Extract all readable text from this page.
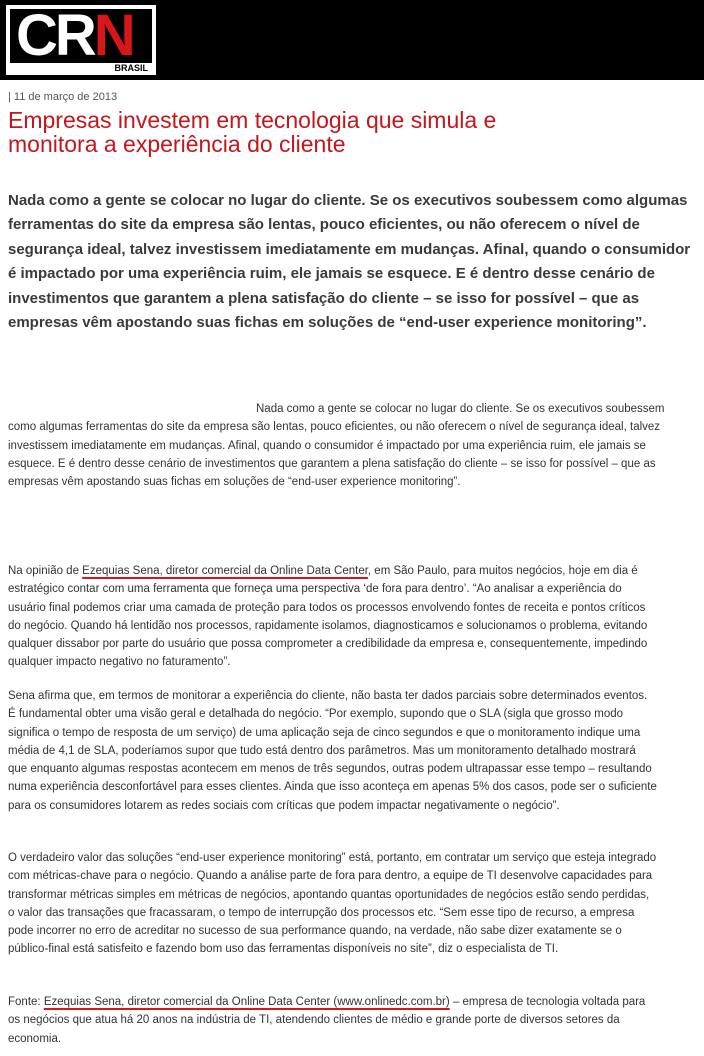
CRN
BRASIL
| 11 de março de 2013
Empresas investem em tecnologia que simula e monitora a experiência do cliente

Nada como a gente se colocar no lugar do cliente. Se os executivos soubessem como algumas ferramentas do site da empresa são lentas, pouco eficientes, ou não oferecem o nível de segurança ideal, talvez investissem imediatamente em mudanças. Afinal, quando o consumidor é impactado por uma experiência ruim, ele jamais se esquece. E é dentro desse cenário de investimentos que garantem a plena satisfação do cliente – se isso for possível – que as empresas vêm apostando suas fichas em soluções de “end-user experience monitoring”.

Nada como a gente se colocar no lugar do cliente. Se os executivos soubessem como algumas ferramentas do site da empresa são lentas, pouco eficientes, ou não oferecem o nível de segurança ideal, talvez investissem imediatamente em mudanças. Afinal, quando o consumidor é impactado por uma experiência ruim, ele jamais se esquece. E é dentro desse cenário de investimentos que garantem a plena satisfação do cliente – se isso for possível – que as empresas vêm apostando suas fichas em soluções de “end-user experience monitoring”.

Na opinião de Ezequias Sena, diretor comercial da Online Data Center, em São Paulo, para muitos negócios, hoje em dia é estratégico contar com uma ferramenta que forneça uma perspectiva ‘de fora para dentro’. “Ao analisar a experiência do usuário final podemos criar uma camada de proteção para todos os processos envolvendo fontes de receita e pontos críticos do negócio. Quando há lentidão nos processos, rapidamente isolamos, diagnosticamos e solucionamos o problema, evitando qualquer dissabor por parte do usuário que possa comprometer a credibilidade da empresa e, consequentemente, impedindo qualquer impacto negativo no faturamento”.

Sena afirma que, em termos de monitorar a experiência do cliente, não basta ter dados parciais sobre determinados eventos. É fundamental obter uma visão geral e detalhada do negócio. “Por exemplo, supondo que o SLA (sigla que grosso modo significa o tempo de resposta de um serviço) de uma aplicação seja de cinco segundos e que o monitoramento indique uma média de 4,1 de SLA, poderíamos supor que tudo está dentro dos parâmetros. Mas um monitoramento detalhado mostrará que enquanto algumas respostas acontecem em menos de três segundos, outras podem ultrapassar esse tempo – resultando numa experiência desconfortável para esses clientes. Ainda que isso aconteça em apenas 5% dos casos, pode ser o suficiente para os consumidores lotarem as redes sociais com críticas que podem impactar negativamente o negócio”.

O verdadeiro valor das soluções “end-user experience monitoring” está, portanto, em contratar um serviço que esteja integrado com métricas-chave para o negócio. Quando a análise parte de fora para dentro, a equipe de TI desenvolve capacidades para transformar métricas simples em métricas de negócios, apontando quantas oportunidades de negócios estão sendo perdidas, o valor das transações que fracassaram, o tempo de interrupção dos processos etc. “Sem esse tipo de recurso, a empresa pode incorrer no erro de acreditar no sucesso de sua performance quando, na verdade, não sabe dizer exatamente se o público-final está satisfeito e fazendo bom uso das ferramentas disponíveis no site”, diz o especialista de TI.

Fonte: Ezequias Sena, diretor comercial da Online Data Center (www.onlinedc.com.br) – empresa de tecnologia voltada para os negócios que atua há 20 anos na indústria de TI, atendendo clientes de médio e grande porte de diversos setores da economia.
